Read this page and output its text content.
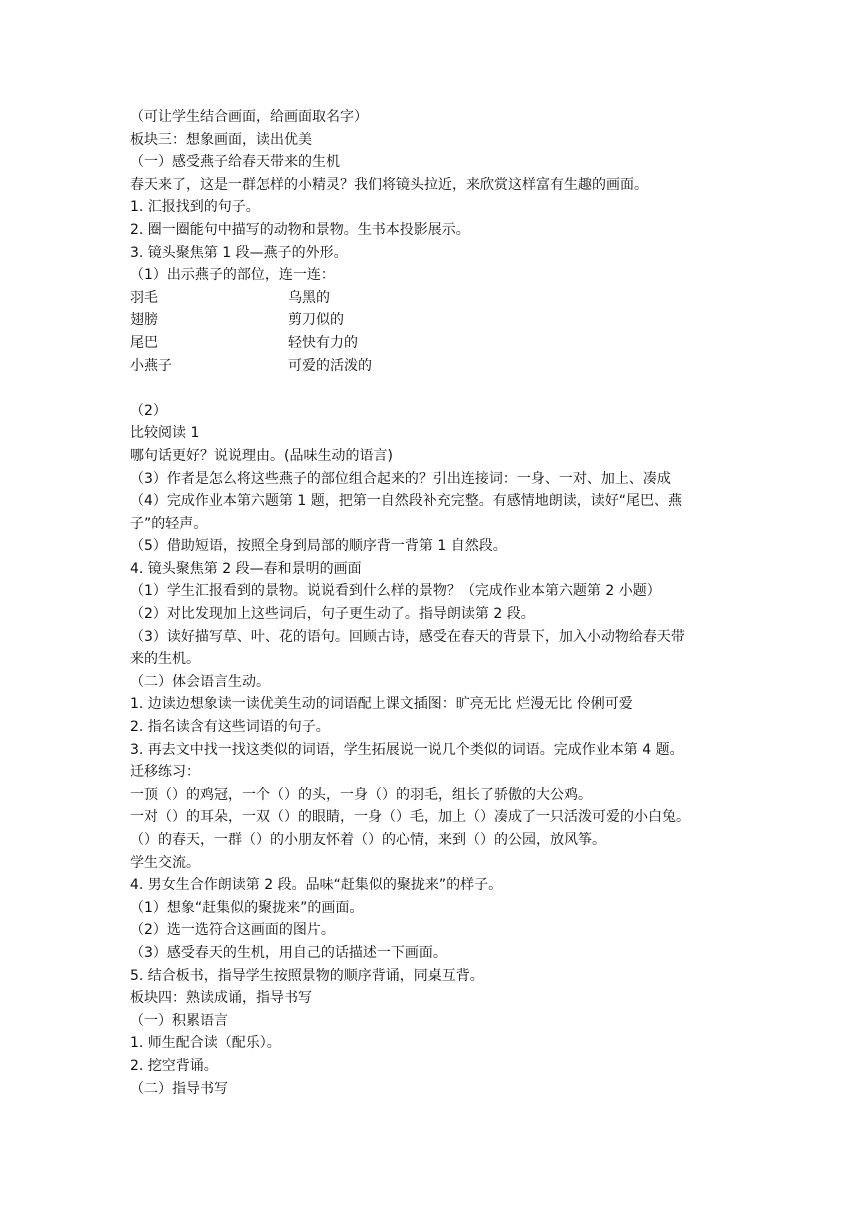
（可让学生结合画面，给画面取名字）
板块三：想象画面，读出优美
（一）感受燕子给春天带来的生机
春天来了，这是一群怎样的小精灵？我们将镜头拉近，来欣赏这样富有生趣的画面。
1. 汇报找到的句子。
2. 圈一圈能句中描写的动物和景物。生书本投影展示。
3. 镜头聚焦第 1 段—燕子的外形。
（1）出示燕子的部位，连一连：
羽毛	乌黑的
翅膀	剪刀似的
尾巴	轻快有力的
小燕子	可爱的活泼的
（2）
比较阅读 1
哪句话更好？说说理由。(品味生动的语言)
（3）作者是怎么将这些燕子的部位组合起来的？引出连接词：一身、一对、加上、凑成
（4）完成作业本第六题第 1 题，把第一自然段补充完整。有感情地朗读，读好“尾巴、燕
子”的轻声。
（5）借助短语，按照全身到局部的顺序背一背第 1 自然段。
4. 镜头聚焦第 2 段—春和景明的画面
（1）学生汇报看到的景物。说说看到什么样的景物？（完成作业本第六题第 2 小题）
（2）对比发现加上这些词后，句子更生动了。指导朗读第 2 段。
（3）读好描写草、叶、花的语句。回顾古诗，感受在春天的背景下，加入小动物给春天带
来的生机。
（二）体会语言生动。
1. 边读边想象读一读优美生动的词语配上课文插图：旷亮无比 烂漫无比 伶俐可爱
2. 指名读含有这些词语的句子。
3. 再去文中找一找这类似的词语，学生拓展说一说几个类似的词语。完成作业本第 4 题。
迁移练习：
一顶（）的鸡冠，一个（）的头，一身（）的羽毛，组长了骄傲的大公鸡。
一对（）的耳朵，一双（）的眼睛，一身（）毛，加上（）凑成了一只活泼可爱的小白兔。
（）的春天，一群（）的小朋友怀着（）的心情，来到（）的公园，放风筝。
学生交流。
4. 男女生合作朗读第 2 段。品味“赶集似的聚拢来”的样子。
（1）想象“赶集似的聚拢来”的画面。
（2）选一选符合这画面的图片。
（3）感受春天的生机，用自己的话描述一下画面。
5. 结合板书，指导学生按照景物的顺序背诵，同桌互背。
板块四：熟读成诵，指导书写
（一）积累语言
1. 师生配合读（配乐）。
2. 挖空背诵。
（二）指导书写
